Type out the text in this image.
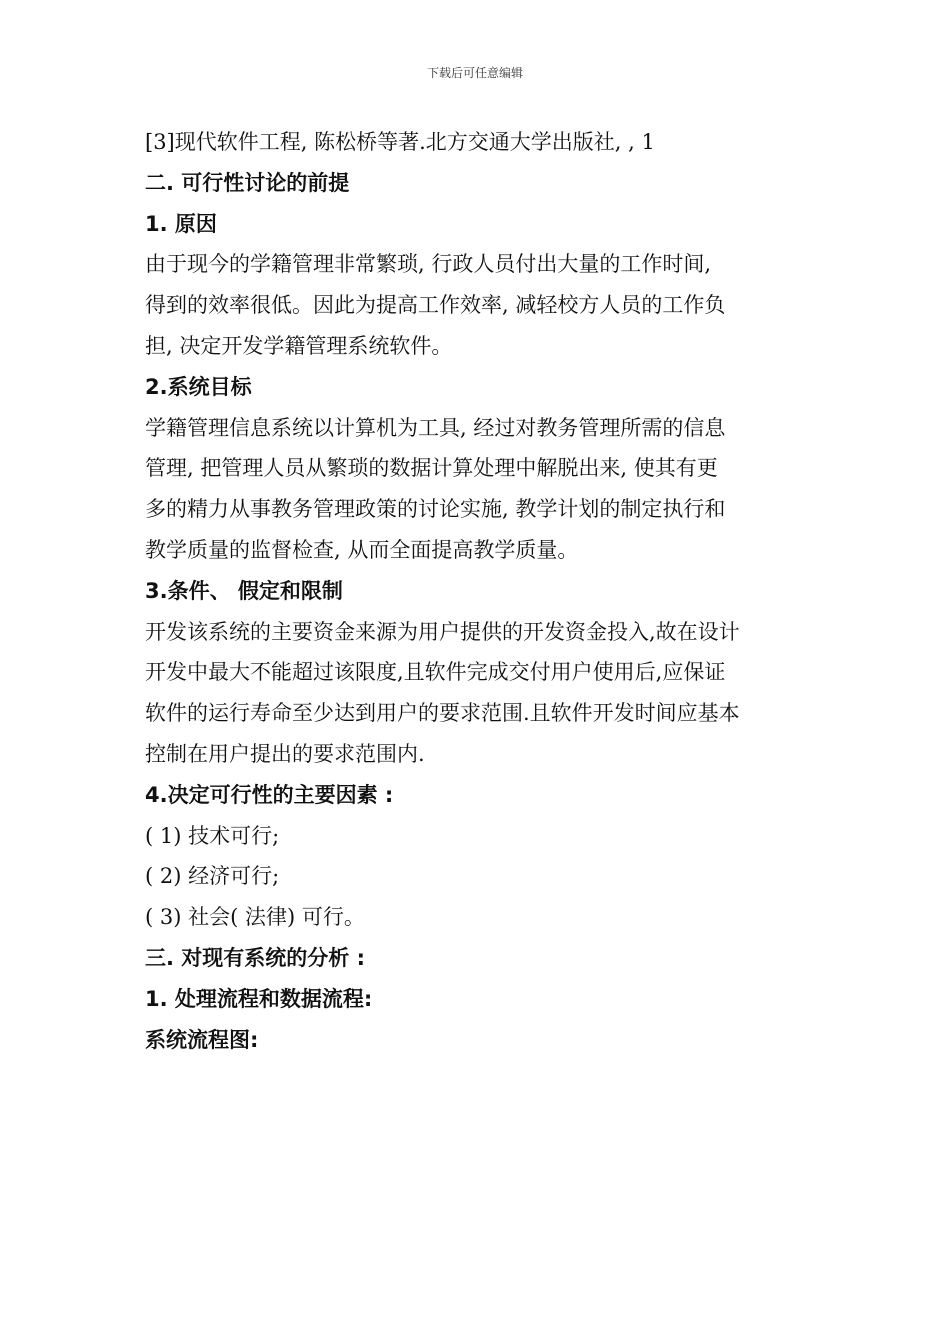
下载后可任意编辑
[3]现代软件工程, 陈松桥等著.北方交通大学出版社, , 1
二. 可行性讨论的前提
1. 原因
由于现今的学籍管理非常繁琐, 行政人员付出大量的工作时间,
得到的效率很低。因此为提高工作效率, 减轻校方人员的工作负
担, 决定开发学籍管理系统软件。
2.系统目标
学籍管理信息系统以计算机为工具, 经过对教务管理所需的信息
管理, 把管理人员从繁琐的数据计算处理中解脱出来, 使其有更
多的精力从事教务管理政策的讨论实施, 教学计划的制定执行和
教学质量的监督检查, 从而全面提高教学质量。
3.条件、 假定和限制
开发该系统的主要资金来源为用户提供的开发资金投入,故在设计
开发中最大不能超过该限度,且软件完成交付用户使用后,应保证
软件的运行寿命至少达到用户的要求范围.且软件开发时间应基本
控制在用户提出的要求范围内.
4.决定可行性的主要因素 :
( 1) 技术可行;
( 2) 经济可行;
( 3) 社会( 法律) 可行。
三. 对现有系统的分析 :
1. 处理流程和数据流程:
系统流程图:
